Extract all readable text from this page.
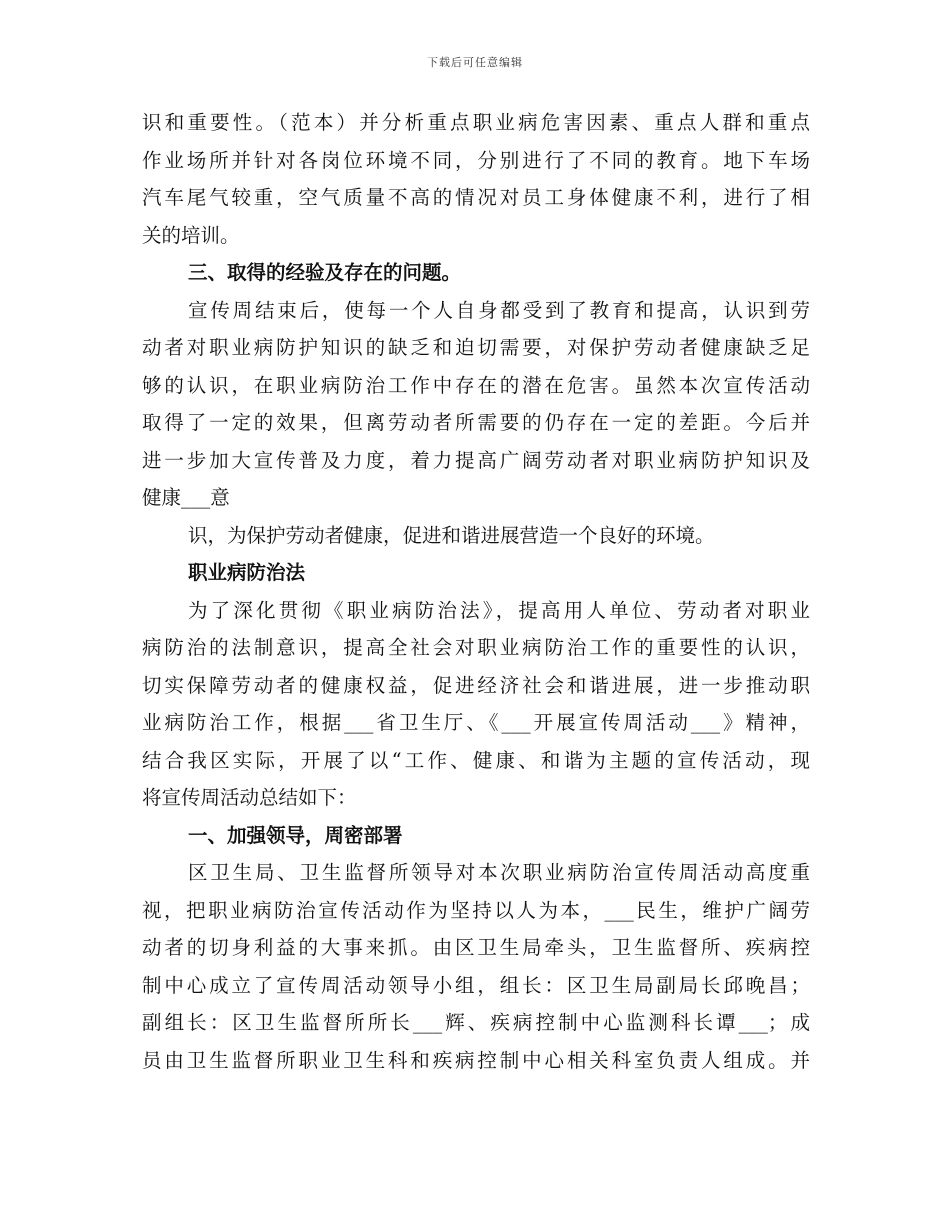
下载后可任意编辑
识和重要性。（范本）并分析重点职业病危害因素、重点人群和重点
作业场所并针对各岗位环境不同，分别进行了不同的教育。地下车场
汽车尾气较重，空气质量不高的情况对员工身体健康不利，进行了相
关的培训。
三、取得的经验及存在的问题。
宣传周结束后，使每一个人自身都受到了教育和提高，认识到劳
动者对职业病防护知识的缺乏和迫切需要，对保护劳动者健康缺乏足
够的认识，在职业病防治工作中存在的潜在危害。虽然本次宣传活动
取得了一定的效果，但离劳动者所需要的仍存在一定的差距。今后并
进一步加大宣传普及力度，着力提高广阔劳动者对职业病防护知识及
健康___意
识，为保护劳动者健康，促进和谐进展营造一个良好的环境。
职业病防治法
为了深化贯彻《职业病防治法》，提高用人单位、劳动者对职业
病防治的法制意识，提高全社会对职业病防治工作的重要性的认识，
切实保障劳动者的健康权益，促进经济社会和谐进展，进一步推动职
业病防治工作，根据___省卫生厅、《___开展宣传周活动___》精神，
结合我区实际，开展了以“工作、健康、和谐为主题的宣传活动，现
将宣传周活动总结如下：
一、加强领导，周密部署
区卫生局、卫生监督所领导对本次职业病防治宣传周活动高度重
视，把职业病防治宣传活动作为坚持以人为本，___民生，维护广阔劳
动者的切身利益的大事来抓。由区卫生局牵头，卫生监督所、疾病控
制中心成立了宣传周活动领导小组，组长：区卫生局副局长邱晚昌；
副组长：区卫生监督所所长___辉、疾病控制中心监测科长谭___；成
员由卫生监督所职业卫生科和疾病控制中心相关科室负责人组成。并
